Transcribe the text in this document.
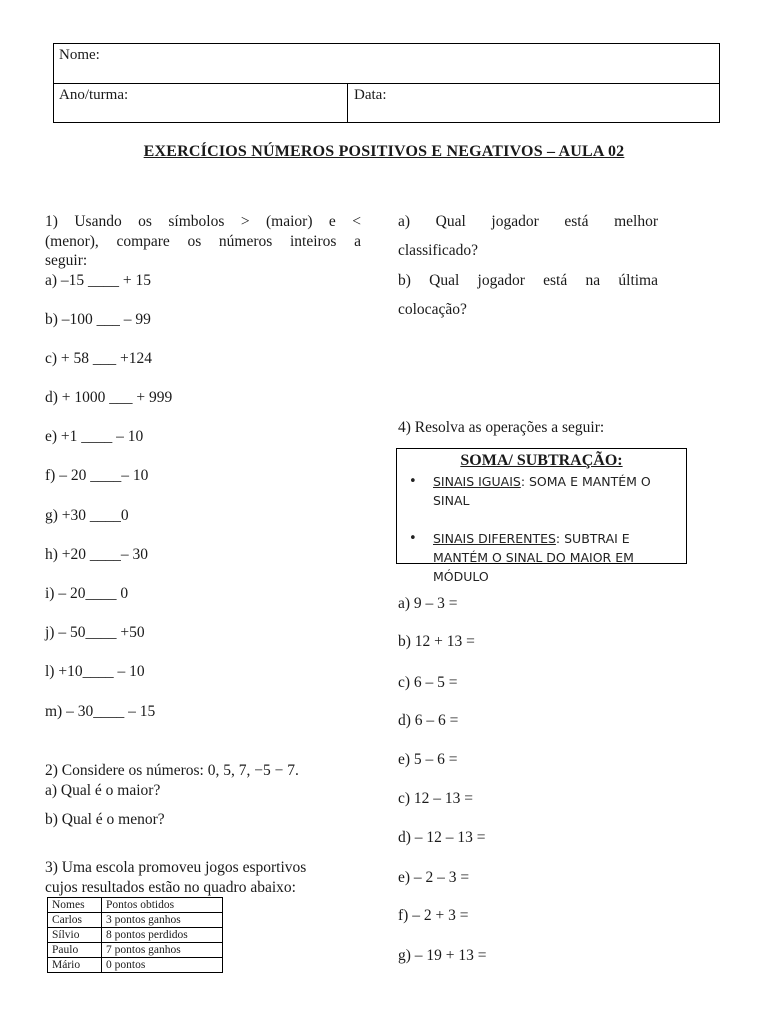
Nome:
Ano/turma:	Data:
EXERCÍCIOS NÚMEROS POSITIVOS E NEGATIVOS – AULA 02
1) Usando os símbolos > (maior) e <
(menor), compare os números inteiros a
seguir:
a) –15 ____ + 15
b) –100 ___ – 99
c) + 58 ___ +124
d) + 1000 ___ + 999
e) +1 ____ – 10
f) – 20 ____– 10
g) +30 ____0
h) +20 ____– 30
i) – 20____ 0
j) – 50____ +50
l) +10____ – 10
m) – 30____ – 15
2) Considere os números: 0, 5, 7, −5 − 7.
a) Qual é o maior?
b) Qual é o menor?
3) Uma escola promoveu jogos esportivos
cujos resultados estão no quadro abaixo:
Nomes	Pontos obtidos
Carlos	3 pontos ganhos
Sílvio	8 pontos perdidos
Paulo	7 pontos ganhos
Mário	0 pontos
a) Qual jogador está melhor
classificado?
b) Qual jogador está na última
colocação?
4) Resolva as operações a seguir:
SOMA/ SUBTRAÇÃO:
• SINAIS IGUAIS: SOMA E MANTÉM O SINAL
• SINAIS DIFERENTES: SUBTRAI E MANTÉM O SINAL DO MAIOR EM MÓDULO
a) 9 – 3 =
b) 12 + 13 =
c) 6 – 5 =
d) 6 – 6 =
e) 5 – 6 =
c) 12 – 13 =
d) – 12 – 13 =
e) – 2 – 3 =
f) – 2 + 3 =
g) – 19 + 13 =
